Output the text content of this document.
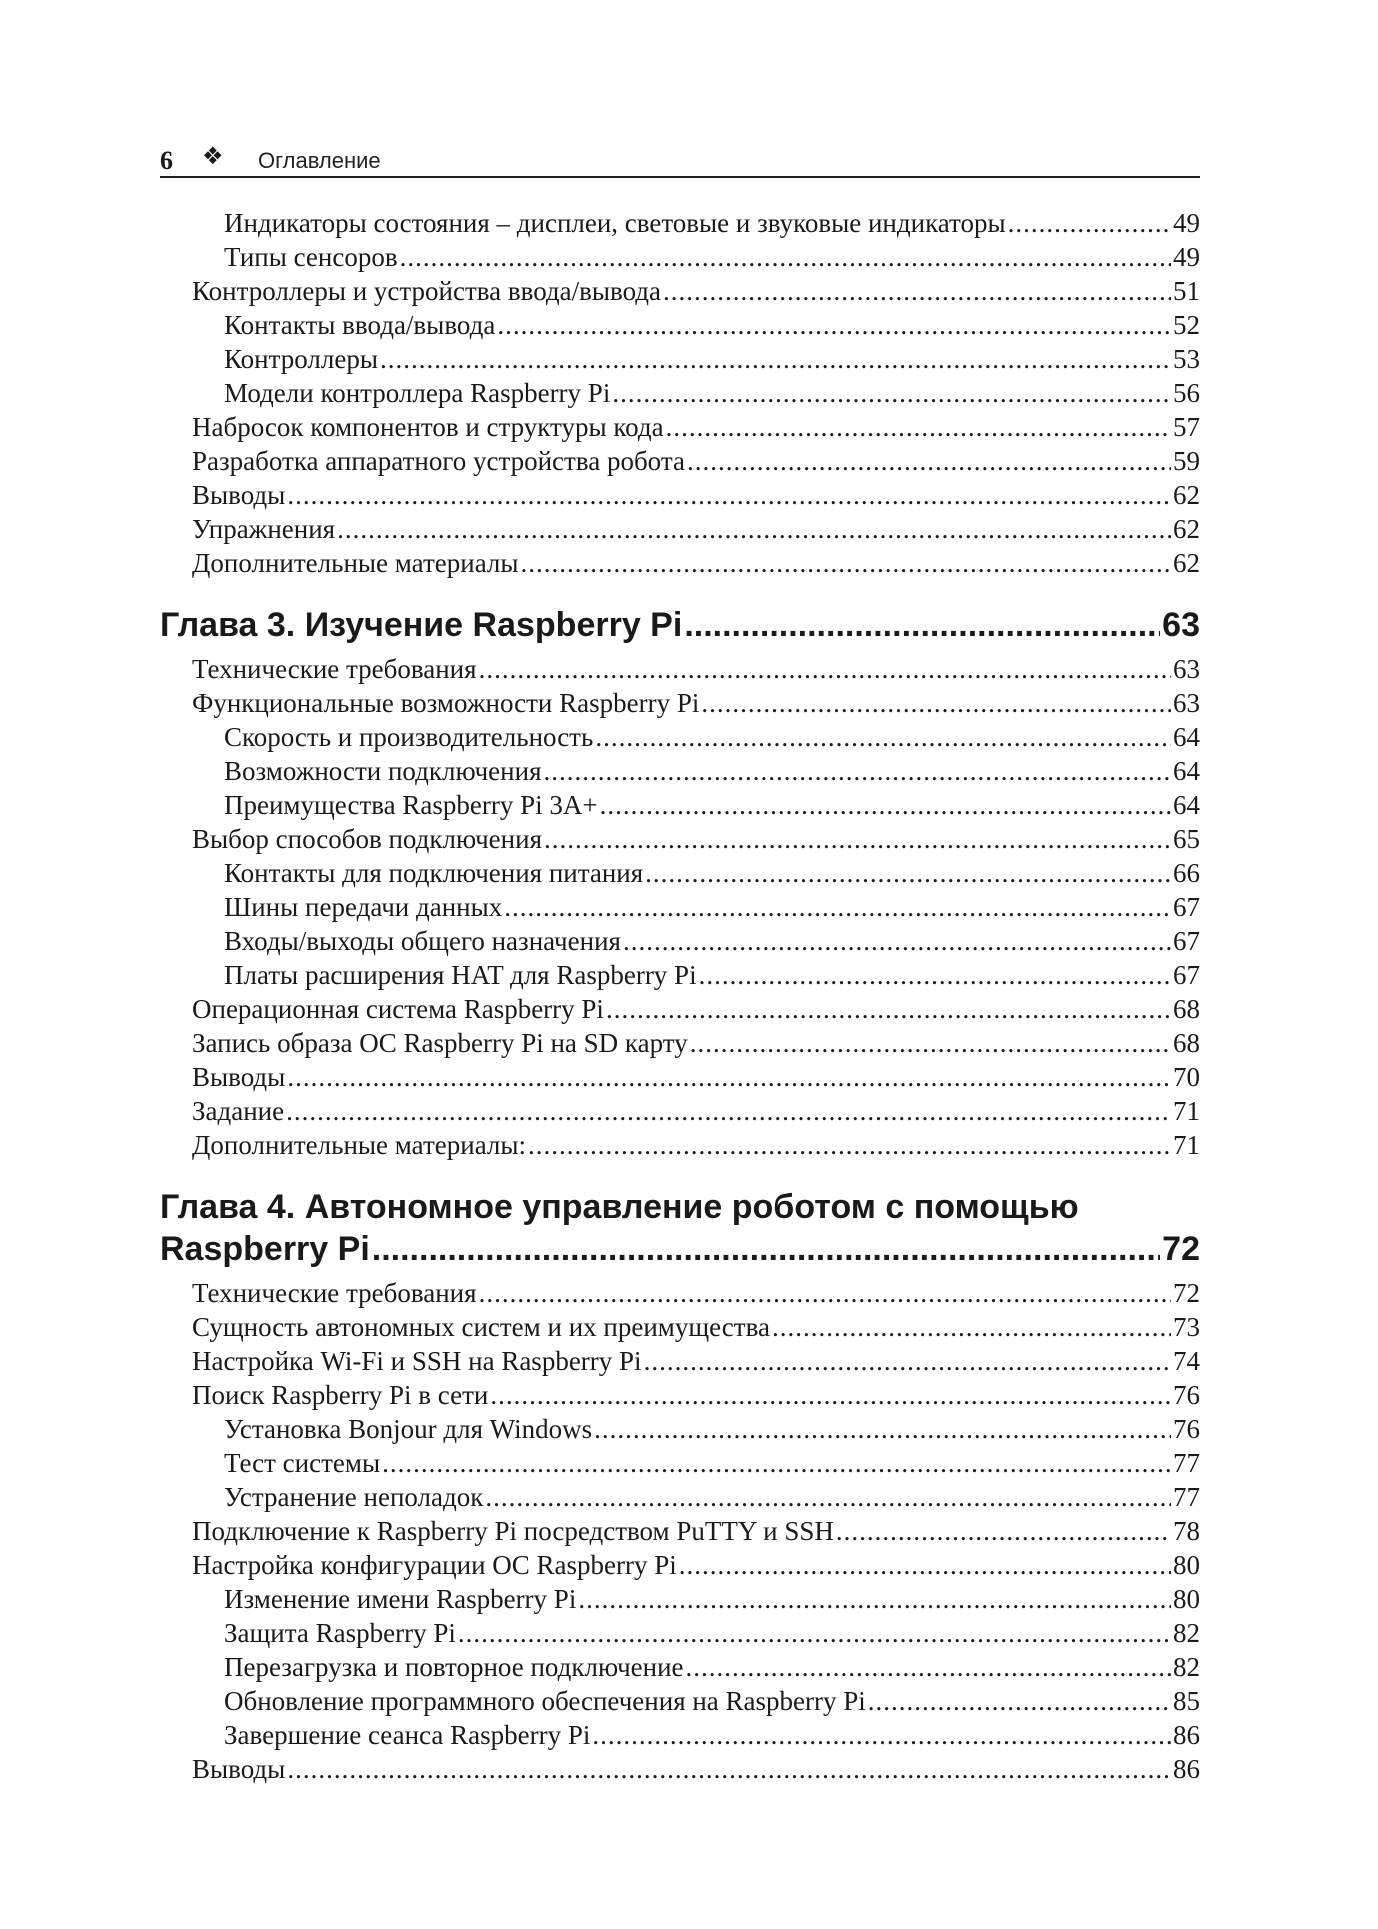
6 ❖ Оглавление
Индикаторы состояния – дисплеи, световые и звуковые индикаторы .....	49
Типы сенсоров .....	49
Контроллеры и устройства ввода/вывода .....	51
Контакты ввода/вывода .....	52
Контроллеры .....	53
Модели контроллера Raspberry Pi .....	56
Набросок компонентов и структуры кода .....	57
Разработка аппаратного устройства робота .....	59
Выводы .....	62
Упражнения .....	62
Дополнительные материалы .....	62
Глава 3. Изучение Raspberry Pi .....	63
Технические требования .....	63
Функциональные возможности Raspberry Pi .....	63
Скорость и производительность .....	64
Возможности подключения .....	64
Преимущества Raspberry Pi 3A+ .....	64
Выбор способов подключения .....	65
Контакты для подключения питания .....	66
Шины передачи данных .....	67
Входы/выходы общего назначения .....	67
Платы расширения HAT для Raspberry Pi .....	67
Операционная система Raspberry Pi .....	68
Запись образа OC Raspberry Pi на SD карту .....	68
Выводы .....	70
Задание .....	71
Дополнительные материалы: .....	71
Глава 4. Автономное управление роботом с помощью
Raspberry Pi .....	72
Технические требования .....	72
Сущность автономных систем и их преимущества .....	73
Настройка Wi-Fi и SSH на Raspberry Pi .....	74
Поиск Raspberry Pi в сети .....	76
Установка Bonjour для Windows .....	76
Тест системы .....	77
Устранение неполадок .....	77
Подключение к Raspberry Pi посредством PuTTY и SSH .....	78
Настройка конфигурации OC Raspberry Pi .....	80
Изменение имени Raspberry Pi .....	80
Защита Raspberry Pi .....	82
Перезагрузка и повторное подключение .....	82
Обновление программного обеспечения на Raspberry Pi .....	85
Завершение сеанса Raspberry Pi .....	86
Выводы .....	86
